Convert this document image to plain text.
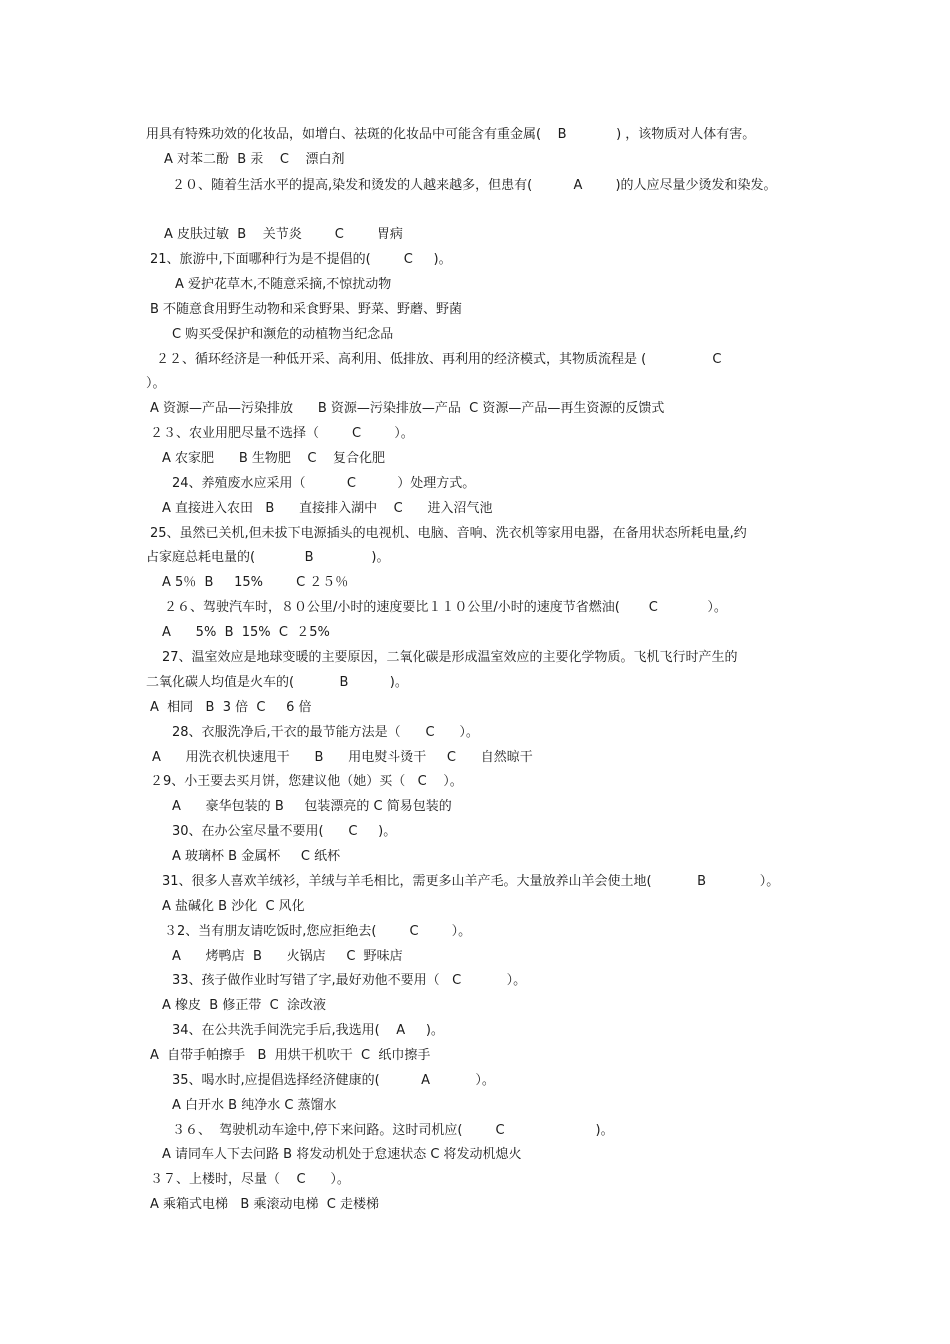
用具有特殊功效的化妆品，如增白、祛斑的化妆品中可能含有重金属(    B            ) ，该物质对人体有害。

A 对苯二酚  B 汞    C    漂白剂

２０、随着生活水平的提高,染发和烫发的人越来越多，但患有(          A        )的人应尽量少烫发和染发。

A 皮肤过敏  B    关节炎        C        胃病

21、旅游中,下面哪种行为是不提倡的(        C     )。

A 爱护花草木,不随意采摘,不惊扰动物

B 不随意食用野生动物和采食野果、野菜、野蘑、野菌

C 购买受保护和濒危的动植物当纪念品

２２、循环经济是一种低开采、高利用、低排放、再利用的经济模式，其物质流程是 (                C

）。

A 资源—产品—污染排放      B 资源—污染排放—产品  C 资源—产品—再生资源的反馈式

２３、农业用肥尽量不选择（        C        ）。

A 农家肥      B 生物肥    C    复合化肥

24、养殖废水应采用（          C          ）处理方式。

A 直接进入农田   B      直接排入湖中    C      进入沼气池

25、虽然已关机,但未拔下电源插头的电视机、电脑、音响、洗衣机等家用电器，在备用状态所耗电量,约

占家庭总耗电量的(            B              )。

A 5％  B     15%        C ２５％

２６、驾驶汽车时，８０公里/小时的速度要比１１０公里/小时的速度节省燃油(       C            ）。

A      5%  B  15%  C  ２5%

27、温室效应是地球变暖的主要原因，二氧化碳是形成温室效应的主要化学物质。飞机飞行时产生的

二氧化碳人均值是火车的(           B          )。

A  相同   B  3 倍  C     6 倍

28、衣服洗净后,干衣的最节能方法是（      C      ）。

A      用洗衣机快速甩干      B      用电熨斗烫干     C      自然晾干

２9、小王要去买月饼，您建议他（她）买（   C    ）。

A      豪华包装的 B     包装漂亮的 C 简易包装的

30、在办公室尽量不要用(      C     )。

A 玻璃杯 B 金属杯     C 纸杯

31、很多人喜欢羊绒衫，羊绒与羊毛相比，需更多山羊产毛。大量放养山羊会使土地(           B             ）。

A 盐碱化 B 沙化  C 风化

３2、当有朋友请吃饭时,您应拒绝去(        C        ）。

A      烤鸭店  B      火锅店     C  野味店

33、孩子做作业时写错了字,最好劝他不要用（   C           ）。

A 橡皮  B 修正带  C  涂改液

34、在公共洗手间洗完手后,我选用(    A     )。

A  自带手帕擦手   B  用烘干机吹干  C  纸巾擦手

35、喝水时,应提倡选择经济健康的(          A           ）。

A 白开水 B 纯净水 C 蒸馏水

３６、  驾驶机动车途中,停下来问路。这时司机应(        C                      )。

A 请同车人下去问路 B 将发动机处于怠速状态 C 将发动机熄火

３７、上楼时，尽量（    C      ）。

A 乘箱式电梯   B 乘滚动电梯  C 走楼梯
